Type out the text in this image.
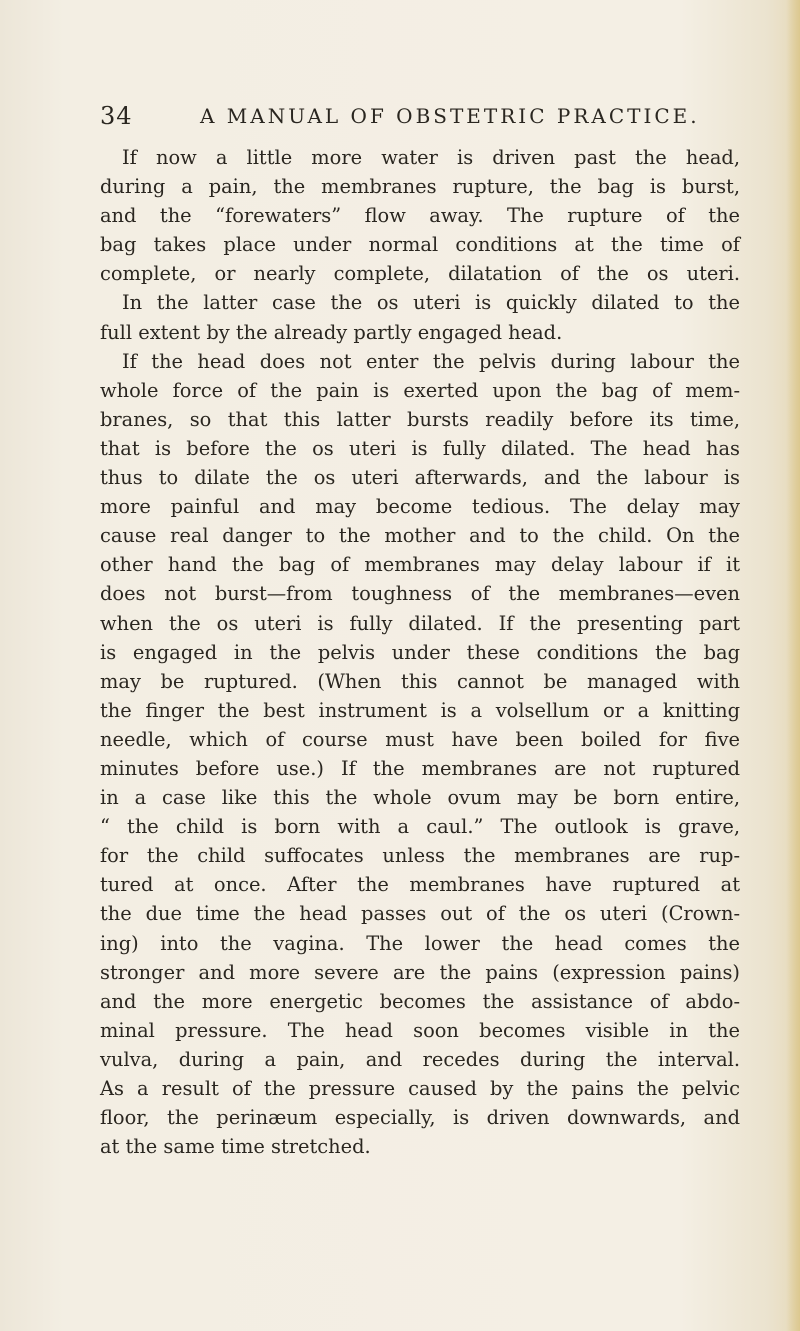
34	A MANUAL OF OBSTETRIC PRACTICE.
If now a little more water is driven past the head,
during a pain, the membranes rupture, the bag is burst,
and the “forewaters” flow away. The rupture of the
bag takes place under normal conditions at the time of
complete, or nearly complete, dilatation of the os uteri.
In the latter case the os uteri is quickly dilated to the
full extent by the already partly engaged head.
If the head does not enter the pelvis during labour the
whole force of the pain is exerted upon the bag of mem-
branes, so that this latter bursts readily before its time,
that is before the os uteri is fully dilated. The head has
thus to dilate the os uteri afterwards, and the labour is
more painful and may become tedious. The delay may
cause real danger to the mother and to the child. On the
other hand the bag of membranes may delay labour if it
does not burst—from toughness of the membranes—even
when the os uteri is fully dilated. If the presenting part
is engaged in the pelvis under these conditions the bag
may be ruptured. (When this cannot be managed with
the finger the best instrument is a volsellum or a knitting
needle, which of course must have been boiled for five
minutes before use.) If the membranes are not ruptured
in a case like this the whole ovum may be born entire,
“ the child is born with a caul.” The outlook is grave,
for the child suffocates unless the membranes are rup-
tured at once. After the membranes have ruptured at
the due time the head passes out of the os uteri (Crown-
ing) into the vagina. The lower the head comes the
stronger and more severe are the pains (expression pains)
and the more energetic becomes the assistance of abdo-
minal pressure. The head soon becomes visible in the
vulva, during a pain, and recedes during the interval.
As a result of the pressure caused by the pains the pelvic
floor, the perinæum especially, is driven downwards, and
at the same time stretched.
